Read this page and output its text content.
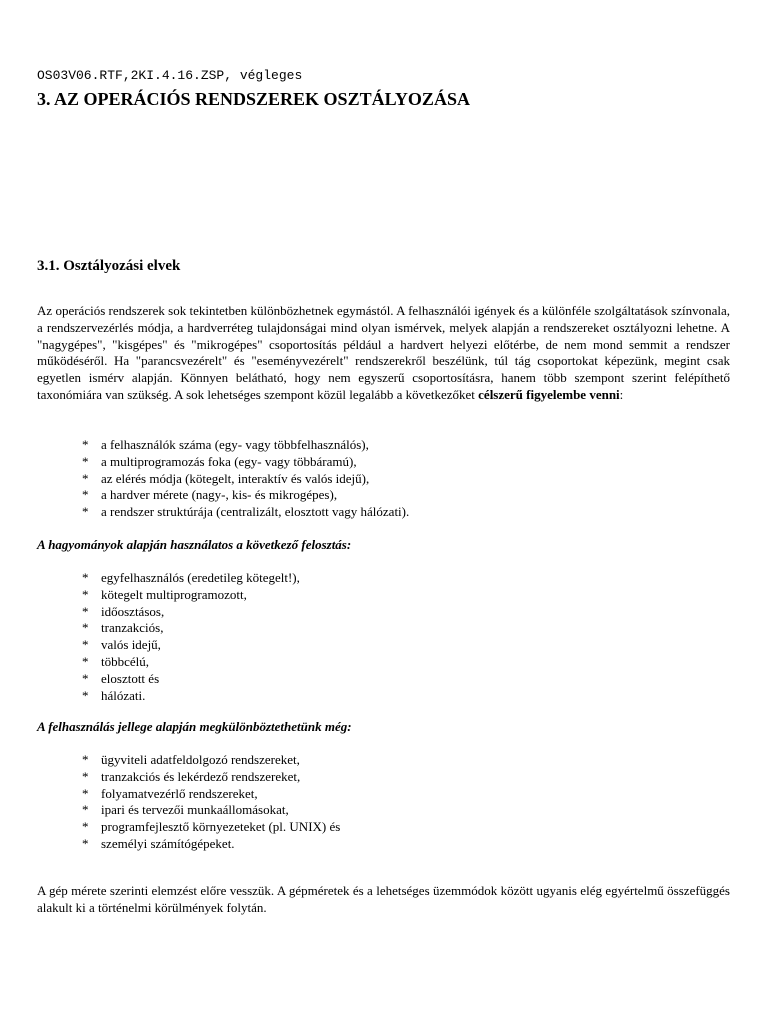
OS03V06.RTF,2KI.4.16.ZSP, végleges
3. AZ OPERÁCIÓS RENDSZEREK OSZTÁLYOZÁSA
3.1. Osztályozási elvek

Az operációs rendszerek sok tekintetben különbözhetnek egymástól. A felhasználói igények és a különféle szolgáltatások színvonala, a rendszervezérlés módja, a hardverréteg tulajdonságai mind olyan ismérvek, melyek alapján a rendszereket osztályozni lehetne. A "nagygépes", "kisgépes" és "mikrogépes" csoportosítás például a hardvert helyezi előtérbe, de nem mond semmit a rendszer működéséről. Ha "parancsvezérelt" és "eseményvezérelt" rendszerekről beszélünk, túl tág csoportokat képezünk, megint csak egyetlen ismérv alapján. Könnyen belátható, hogy nem egyszerű csoportosításra, hanem több szempont szerint felépíthető taxonómiára van szükség. A sok lehetséges szempont közül legalább a következőket célszerű figyelembe venni:

* a felhasználók száma (egy- vagy többfelhasználós),
* a multiprogramozás foka (egy- vagy többáramú),
* az elérés módja (kötegelt, interaktív és valós idejű),
* a hardver mérete (nagy-, kis- és mikrogépes),
* a rendszer struktúrája (centralizált, elosztott vagy hálózati).

A hagyományok alapján használatos a következő felosztás:

* egyfelhasználós (eredetileg kötegelt!),
* kötegelt multiprogramozott,
* időosztásos,
* tranzakciós,
* valós idejű,
* többcélú,
* elosztott és
* hálózati.

A felhasználás jellege alapján megkülönböztethetünk még:

* ügyviteli adatfeldolgozó rendszereket,
* tranzakciós és lekérdező rendszereket,
* folyamatvezérlő rendszereket,
* ipari és tervezői munkaállomásokat,
* programfejlesztő környezeteket (pl. UNIX) és
* személyi számítógépeket.

A gép mérete szerinti elemzést előre vesszük. A gépméretek és a lehetséges üzemmódok között ugyanis elég egyértelmű összefüggés alakult ki a történelmi körülmények folytán.
